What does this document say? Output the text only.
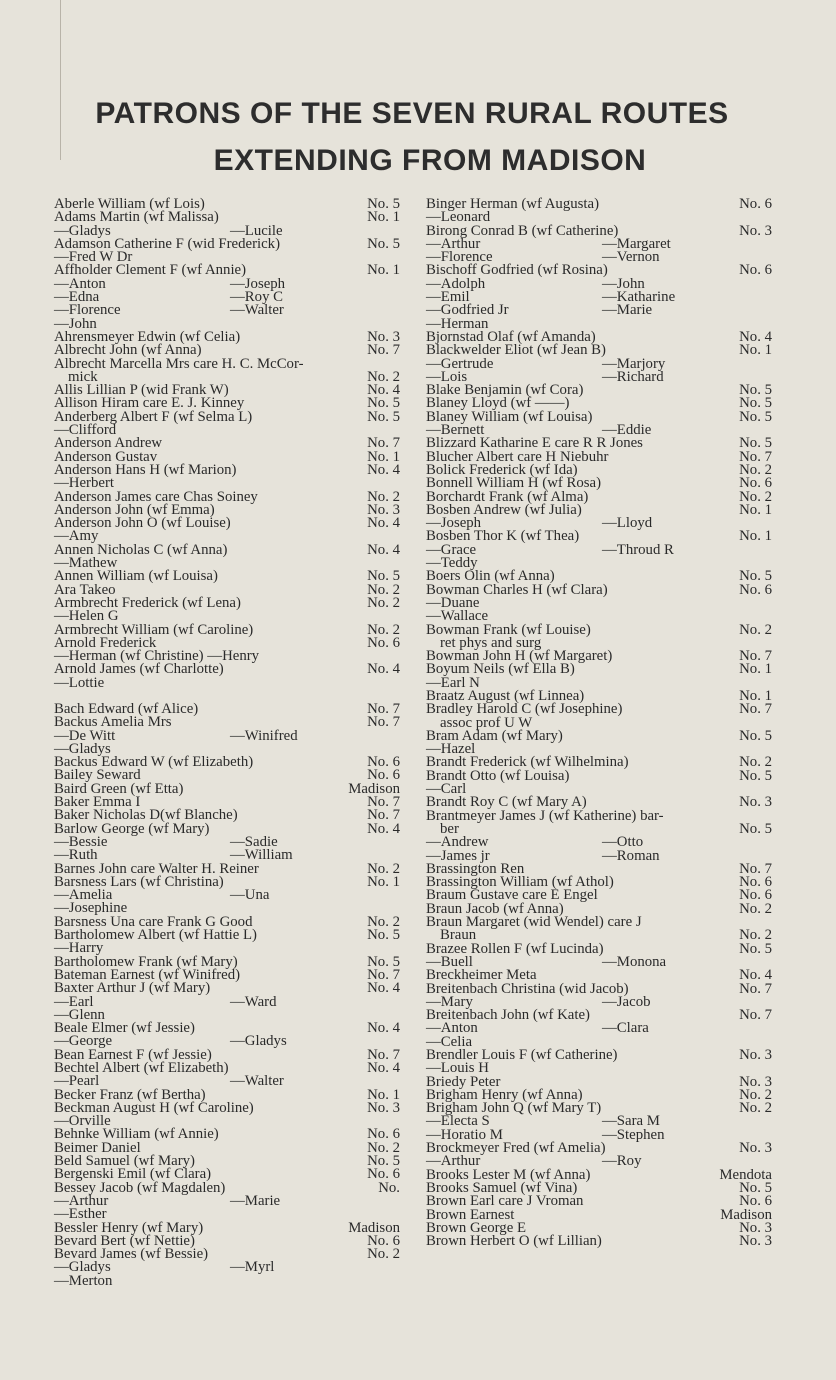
PATRONS OF THE SEVEN RURAL ROUTES
EXTENDING FROM MADISON
Aberle William (wf Lois)	No. 5
Adams Martin (wf Malissa)	No. 1
—Gladys	—Lucile
Adamson Catherine F (wid Frederick)	No. 5
—Fred W Dr
Affholder Clement F (wf Annie)	No. 1
—Anton	—Joseph
—Edna	—Roy C
—Florence	—Walter
—John
Ahrensmeyer Edwin (wf Celia)	No. 3
Albrecht John (wf Anna)	No. 7
Albrecht Marcella Mrs care H. C. McCor-
mick	No. 2
Allis Lillian P (wid Frank W)	No. 4
Allison Hiram care E. J. Kinney	No. 5
Anderberg Albert F (wf Selma L)	No. 5
—Clifford
Anderson Andrew	No. 7
Anderson Gustav	No. 1
Anderson Hans H (wf Marion)	No. 4
—Herbert
Anderson James care Chas Soiney	No. 2
Anderson John (wf Emma)	No. 3
Anderson John O (wf Louise)	No. 4
—Amy
Annen Nicholas C (wf Anna)	No. 4
—Mathew
Annen William (wf Louisa)	No. 5
Ara Takeo	No. 2
Armbrecht Frederick (wf Lena)	No. 2
—Helen G
Armbrecht William (wf Caroline)	No. 2
Arnold Frederick	No. 6
—Herman (wf Christine) —Henry
Arnold James (wf Charlotte)	No. 4
—Lottie
Bach Edward (wf Alice)	No. 7
Backus Amelia Mrs	No. 7
—De Witt	—Winifred
—Gladys
Backus Edward W (wf Elizabeth)	No. 6
Bailey Seward	No. 6
Baird Green (wf Etta)	Madison
Baker Emma I	No. 7
Baker Nicholas D(wf Blanche)	No. 7
Barlow George (wf Mary)	No. 4
—Bessie	—Sadie
—Ruth	—William
Barnes John care Walter H. Reiner	No. 2
Barsness Lars (wf Christina)	No. 1
—Amelia	—Una
—Josephine
Barsness Una care Frank G Good	No. 2
Bartholomew Albert (wf Hattie L)	No. 5
—Harry
Bartholomew Frank (wf Mary)	No. 5
Bateman Earnest (wf Winifred)	No. 7
Baxter Arthur J (wf Mary)	No. 4
—Earl	—Ward
—Glenn
Beale Elmer (wf Jessie)	No. 4
—George	—Gladys
Bean Earnest F (wf Jessie)	No. 7
Bechtel Albert (wf Elizabeth)	No. 4
—Pearl	—Walter
Becker Franz (wf Bertha)	No. 1
Beckman August H (wf Caroline)	No. 3
—Orville
Behnke William (wf Annie)	No. 6
Beimer Daniel	No. 2
Beld Samuel (wf Mary)	No. 5
Bergenski Emil (wf Clara)	No. 6
Bessey Jacob (wf Magdalen)	No.
—Arthur	—Marie
—Esther
Bessler Henry (wf Mary)	Madison
Bevard Bert (wf Nettie)	No. 6
Bevard James (wf Bessie)	No. 2
—Gladys	—Myrl
—Merton
Binger Herman (wf Augusta)	No. 6
—Leonard
Birong Conrad B (wf Catherine)	No. 3
—Arthur	—Margaret
—Florence	—Vernon
Bischoff Godfried (wf Rosina)	No. 6
—Adolph	—John
—Emil	—Katharine
—Godfried Jr	—Marie
—Herman
Bjornstad Olaf (wf Amanda)	No. 4
Blackwelder Eliot (wf Jean B)	No. 1
—Gertrude	—Marjory
—Lois	—Richard
Blake Benjamin (wf Cora)	No. 5
Blaney Lloyd (wf ——)	No. 5
Blaney William (wf Louisa)	No. 5
—Bernett	—Eddie
Blizzard Katharine E care R R Jones	No. 5
Blucher Albert care H Niebuhr	No. 7
Bolick Frederick (wf Ida)	No. 2
Bonnell William H (wf Rosa)	No. 6
Borchardt Frank (wf Alma)	No. 2
Bosben Andrew (wf Julia)	No. 1
—Joseph	—Lloyd
Bosben Thor K (wf Thea)	No. 1
—Grace	—Throud R
—Teddy
Boers Olin (wf Anna)	No. 5
Bowman Charles H (wf Clara)	No. 6
—Duane
—Wallace
Bowman Frank (wf Louise)	No. 2
ret phys and surg
Bowman John H (wf Margaret)	No. 7
Boyum Neils (wf Ella B)	No. 1
—Earl N
Braatz August (wf Linnea)	No. 1
Bradley Harold C (wf Josephine)	No. 7
assoc prof U W
Bram Adam (wf Mary)	No. 5
—Hazel
Brandt Frederick (wf Wilhelmina)	No. 2
Brandt Otto (wf Louisa)	No. 5
—Carl
Brandt Roy C (wf Mary A)	No. 3
Brantmeyer James J (wf Katherine) bar-
ber	No. 5
—Andrew	—Otto
—James jr	—Roman
Brassington Ren	No. 7
Brassington William (wf Athol)	No. 6
Braum Gustave care E Engel	No. 6
Braun Jacob (wf Anna)	No. 2
Braun Margaret (wid Wendel) care J
Braun	No. 2
Brazee Rollen F (wf Lucinda)	No. 5
—Buell	—Monona
Breckheimer Meta	No. 4
Breitenbach Christina (wid Jacob)	No. 7
—Mary	—Jacob
Breitenbach John (wf Kate)	No. 7
—Anton	—Clara
—Celia
Brendler Louis F (wf Catherine)	No. 3
—Louis H
Briedy Peter	No. 3
Brigham Henry (wf Anna)	No. 2
Brigham John Q (wf Mary T)	No. 2
—Electa S	—Sara M
—Horatio M	—Stephen
Brockmeyer Fred (wf Amelia)	No. 3
—Arthur	—Roy
Brooks Lester M (wf Anna)	Mendota
Brooks Samuel (wf Vina)	No. 5
Brown Earl care J Vroman	No. 6
Brown Earnest	Madison
Brown George E	No. 3
Brown Herbert O (wf Lillian)	No. 3
